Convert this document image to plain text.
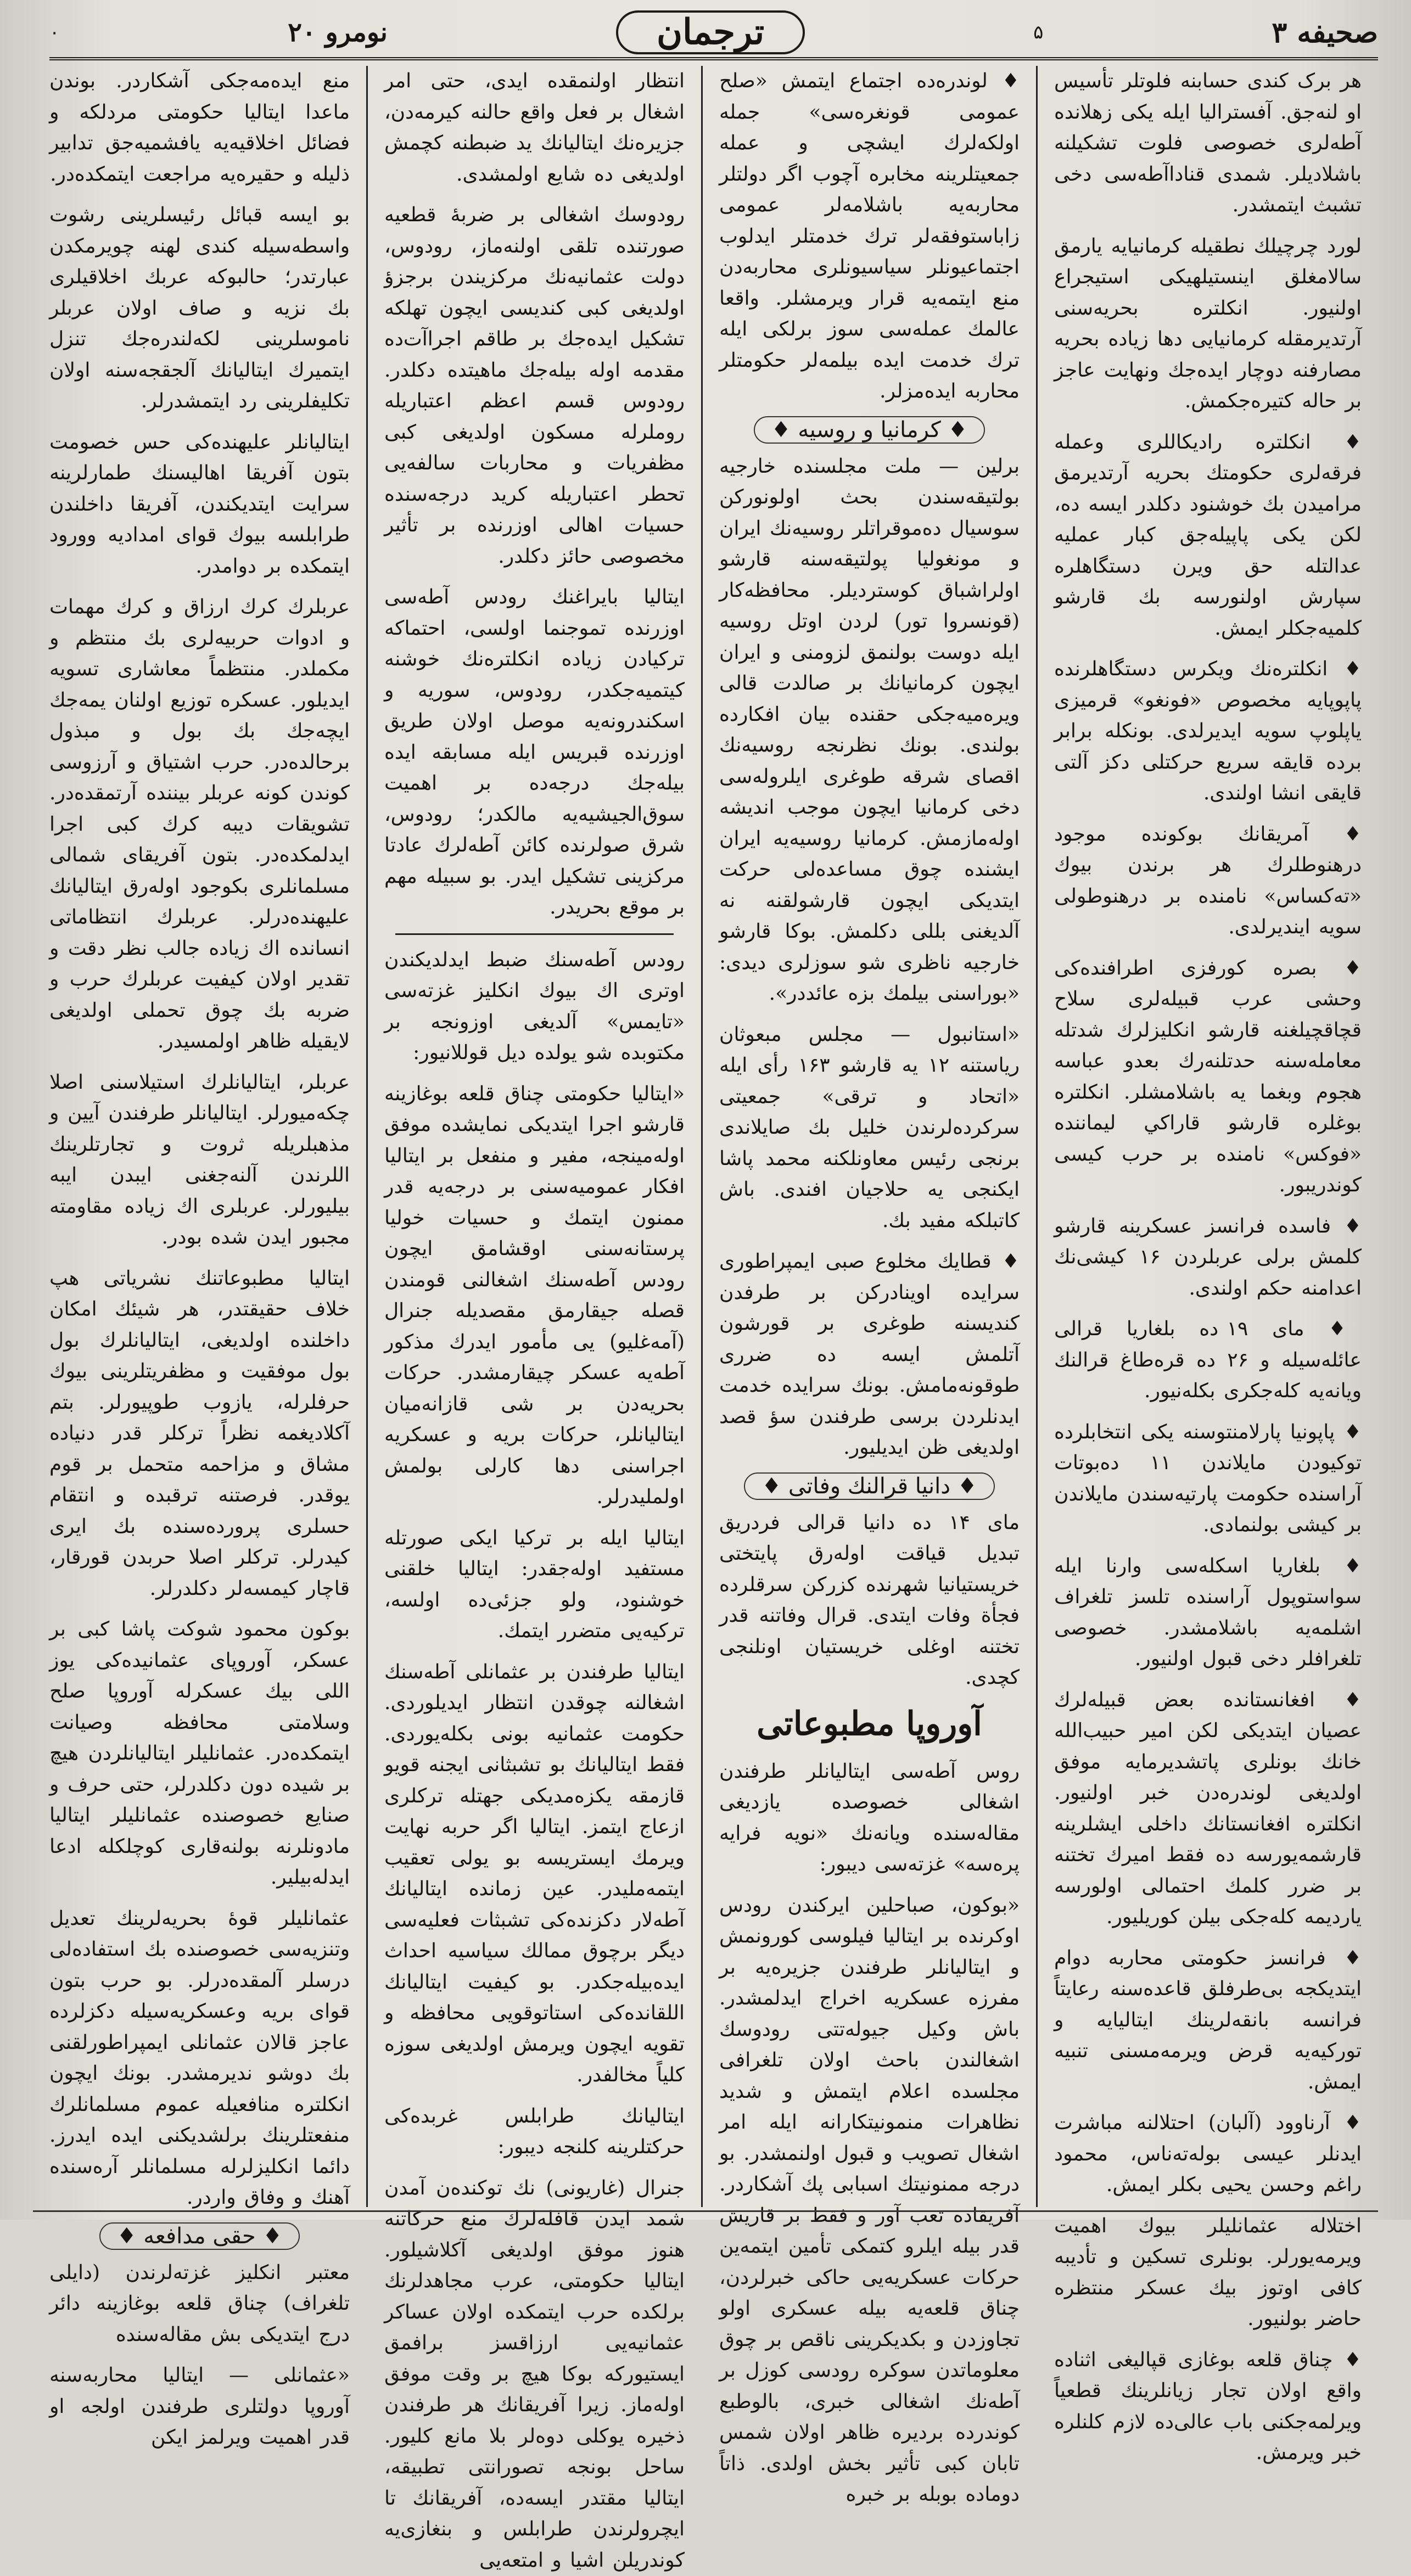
صحیفه ۳
۵
ترجمان
نومرو ۲۰
۰

هر برک کندی حسابنه فلوتلر تأسیس او لنەجق. آفستراليا ايله يكی زهلانده آطەلری خصوصی فلوت تشکيلنه باشلاديلر. شمدی قناداآطەسی دخی تشبث ایتمشدر.

لورد چرچیلك نطقیله كرمانیایه یارمق سالامغلق اینستيلهيكی استیجراع اولنيور. انكلتره بحريەسنی آرتديرمقله كرمانيايی دها زياده بحريه مصارفنه دوچار ايده‌جك ونهايت عاجز بر حاله كتيره‌جكمش.

♦ انكلتره راديكاللری وعمله فرقەلری حكومتك بحريه آرتديرمق مراميدن بك خوشنود دکلدر ایسه ده، لكن يكی پاپيله‌جق كبار عمليه عدالتله حق ويرن دستگاهلره سپارش اولنورسه بك قارشو كلمیه‌جكلر ايمش.

♦ انكلترەنك ويكرس دستگاهلرنده پاپوپایه مخصوص «فونغو» قرميزی یاپلوپ سويه ايديرلدی. بونكله برابر برده قايقه سريع حركتلی دكز آلتی قايقی انشا اولندی.

♦ آمريقانك بوكونده موجود درهنوطلرك هر برندن بيوك «تەكساس» نامنده بر درهنوطولی سويه ايندیرلدی.

♦ بصره كورفزی اطرافنده‌كی وحشی عرب قبيلەلری سلاح قچاقچيلغنه قارشو انكليزلرك شدتله معاملەسنه حدتلنه‌رك بعدو عباسه هجوم وبغما يه باشلامشلر. انكلتره بوغلره قارشو قاراكي ليماننده «فوكس» نامنده بر حرب كيسی كوندريبور.

♦ فاسده فرانسز عسكرينه قارشو كلمش برلی عربلردن ۱۶ كيشی‌نك اعدامنه حكم اولندی.

♦ مای ۱۹ ده بلغاريا قرالی عائلەسيله و ۲۶ ده قره‌طاغ قرالنك ويانه‌يه كله‌جكری بكله‌نيور.

♦ پاپونيا پارلامنتوسنه يكی انتخابلرده توكيودن مايلاندن ۱۱ دەبوتات آراسنده حكومت پارتيەسندن مايلاندن بر كيشی بولنمادی.

♦ بلغاريا اسكله‌سی وارنا ايله سواستوپول آراسنده تلسز تلغراف اشلمه‌يه باشلامشدر. خصوصی تلغرافلر دخی قبول اولنيور.

♦ افغانستانده بعض قبيلەلرك عصيان ايتديكی لكن امير حبيب‌الله خانك بونلری پاتشديرمايه موفق اولديغی لوندرەدن خبر اولنيور. انكلتره افغانستانك داخلی ايشلرينه قارشمه‌يورسه ده فقط اميرك تختنه بر ضرر كلمك احتمالی اولورسه يارديمه كله‌جكی بيلن كوريليور.

♦ فرانسز حكومتی محاربه دوام ايتديكجه بی‌طرفلق قاعده‌سنه رعايتاً فرانسه بانقەلرينك ايتاليايه و توركيه‌يه قرض ويرمه‌مسنی تنبيه ايمش.

♦ آرناوود (آلبان) احتلالنه مباشرت ايدنلر عيسی بولەتەناس، محمود راغم وحسن يحيی بكلر ايمش.

اختلاله عثمانليلر بيوك اهميت ويرمەيورلر. بونلری تسكين و تأديبه كافی اوتوز بيك عسكر منتظره حاضر بولنيور.

♦ چناق قلعه بوغازی قپاليغی اثناده واقع اولان تجار زيانلرينك قطعياً ويرلمەجكنی باب عالی‌ده لازم كلنلره خبر ويرمش.

♦ لوندره‌ده اجتماع ايتمش «صلح عمومی قونغرەسی» جمله اولكەلرك ايشچی و عمله جمعيتلرينه مخابره آچوب اگر دولتلر محاربه‌يه باشلامه‌لر عمومی زاباستوفقه‌لر ترك خدمتلر ايدلوب اجتماعيونلر سياسيونلری محاربەدن منع ايتمه‌يه قرار ويرمشلر. واقعا عالمك عملەسی سوز برلكی ايله ترك خدمت ايده بيلمه‌لر حكومتلر محاربه ايده‌مزلر.

♦ كرمانيا و روسيه ♦

برلين — ملت مجلسنده خارجيه بولتيقەسندن بحث اولونوركن سوسيال دەموقراتلر روسيه‌نك ايران و مونغوليا پولتيقەسنه قارشو اولراشباق كوسترديلر. محافظه‌كار (قونسروا تور) لردن اوتل روسيه ايله دوست بولنمق لزومنی و ايران ايچون كرمانيانك بر صالدت قالی ويرەمیه‌جكی حقنده بيان افكارده بولندی. بونك نظرنجه روسيه‌نك اقصای شرقه طوغری ايلرولەسی دخی كرمانيا ايچون موجب انديشه اولەمازمش. كرمانيا روسيه‌يه ايران ايشنده چوق مساعدەلی حركت ايتديكی ايچون قارشولقنه نه آلديغنی بللی دكلمش. بوكا قارشو خارجيه ناظری شو سوزلری ديدی: «بوراسنی بيلمك بزه عائددر».

«استانبول — مجلس مبعوثان رياستنه ۱۲ يه قارشو ۱۶۳ رأی ايله «اتحاد و ترقی» جمعيتی سركردەلرندن خليل بك صايلاندی برنجی رئيس معاونلكنه محمد پاشا ايكنجی يه حلاجيان افندی. باش كاتبلكه مفيد بك.

♦ قطايك مخلوع صبی ايمپراطوری سرايده اوينادركن بر طرفدن كندیسنه طوغری بر قورشون آتلمش ايسه ده ضرری طوقونەمامش. بونك سرايده خدمت ايدنلردن برسی طرفندن سؤ قصد اولديغی ظن ايديليور.

♦ دانيا قرالنك وفاتی ♦

مای ۱۴ ده دانيا قرالی فردريق تبديل قياقت اولەرق پايتختی خريستيانيا شهرنده كزركن سرقلرده فجأة وفات ايتدی. قرال وفاتنه قدر تختنه اوغلی خريستيان اونلنجی كچدی.

آوروپا مطبوعاتی

روس آطەسی ايتاليانلر طرفندن اشغالی خصوصده يازديغی مقالەسنده ويانەنك «نويه فرايه پرەسه» غزته‌سی ديبور:

«بوكون، صباحلين ايركندن رودس اوكرنده بر ايتاليا فيلوسی كورونمش و ايتاليانلر طرفندن جزيرەيه بر مفرزه عسكريه اخراج ايدلمشدر. باش وكيل جيولەتتی رودوسك اشغالندن باحث اولان تلغرافی مجلسده اعلام ايتمش و شديد نظاهرات منمونيتكارانه ايله امر اشغال تصويب و قبول اولنمشدر. بو درجه ممنونيتك اسبابی پك آشكاردر. آفريقاده تعب آور و فقط بر قاريش قدر بيله ايلرو كتمكی تأمين ايتمەين حركات عسكريه‌يی حاكی خبرلردن، چناق قلعه‌يه بيله عسكری اولو تجاوزدن و بكديكرينی ناقص بر چوق معلوماتدن سوكره رودسی كوزل بر آطەنك اشغالی خبری، بالوطبع كوندرده بردیره ظاهر اولان شمس تابان كبی تأثير بخش اولدی. ذاتاً دوماده بوبله بر خبره

انتظار اولنمقده ايدی، حتی امر اشغال بر فعل واقع حالنه كيرمەدن، جزيرەنك ايتاليانك يد ضبطنه كچمش اولديغی ده شايع اولمشدی.

رودوسك اشغالی بر ضربهٔ قطعيه صورتنده تلقی اولنەماز، رودوس، دولت عثمانيەنك مركزيندن برجزؤ اولديغی كبی كندیسی ايچون تهلكه تشكيل ايده‌جك بر طاقم اجراآت‌ده مقدمه اوله بيله‌جك ماهيتده دكلدر. رودوس قسم اعظم اعتباريله روملرله مسكون اولديغی كبی مظفريات و محاربات سالفه‌يی تحطر اعتباريله كريد درجەسنده حسيات اهالی اوزرنده بر تأثير مخصوصی حائز دكلدر.

ايتاليا بايراغنك رودس آطەسی اوزرنده تموجنما اولسی، احتماكه تركيادن زياده انكلترەنك خوشنه كيتمیه‌جكدر، رودوس، سوريه و اسكندرونه‌يه موصل اولان طريق اوزرنده قبريس ايله مسابقه ايده بيله‌جك درجه‌ده بر اهميت سوق‌الجيشيه‌يه مالكدر؛ رودوس، شرق صولرنده كائن آطەلرك عادتا مركزينی تشكيل ايدر. بو سبيله مهم بر موقع بحريدر.

رودس آطەسنك ضبط ايدلديكندن اوتری اك بيوك انكليز غزته‌سی «تايمس» آلديغی اوزونجه بر مكتوبده شو يولده ديل قوللانيور:

«ايتاليا حكومتی چناق قلعه بوغازينه قارشو اجرا ايتديكی نمايشده موفق اولەمينجه، مفير و منفعل بر ايتاليا افكار عموميەسنی بر درجه‌يه قدر ممنون ايتمك و حسيات خوليا پرستانه‌سنی اوقشامق ايچون رودس آطەسنك اشغالنی قومندن قصله جيقارمق مقصديله جنرال (آمه‌غليو) يی مأمور ايدرك مذكور آطه‌يه عسكر چيقارمشدر. حركات بحريەدن بر شی قازانەميان ايتاليانلر، حركات بريه و عسكريه اجراسنی دها كارلی بولمش اولمليدرلر.

ايتاليا ايله بر تركيا ايكی صورتله مستفيد اولەجقدر: ايتاليا خلقنی خوشنود، ولو جزئی‌ده اولسه، تركيه‌يی متضرر ايتمك.

ايتاليا طرفندن بر عثمانلی آطەسنك اشغالنه چوقدن انتظار ايديلوردی. حكومت عثمانيه بونی بكلەيوردی. فقط ايتاليانك بو تشبثانی ايجنه قويو قازمقه يكزەمديكی جهتله تركلری ازعاج ايتمز. ايتاليا اگر حربه نهايت ويرمك ايستريسه بو يولی تعقيب ايتمه‌ملیدر. عين زمانده ايتاليانك آطەلار دكزنده‌كی تشبثات فعليه‌سی ديگر برچوق ممالك سياسيه احداث ايده‌بيلەجكدر. بو كيفيت ايتاليانك اللقانده‌كی استاتوقويی محافظه و تقويه ايچون ويرمش اولديغی سوزه كلياً مخالفدر.

ايتاليانك طرابلس غربده‌كی حركتلرينه كلنجه ديبور:

جنرال (غاريونی) نك توكنده‌ن آمدن شمد ايدن قافلەلرك منع حركاتنه هنوز موفق اولديغی آكلاشيلور. ايتاليا حكومتی، عرب مجاهدلرنك برلكده حرب ايتمكده اولان عساكر عثمانيه‌يی ارزاقسز برافمق ايستيوركه بوكا هيچ بر وقت موفق اولەماز. زيرا آفريقانك هر طرفندن ذخيره يوكلی دوەلر بلا مانع كليور. ساحل بونجه تصورانتی تطبيقه، ايتاليا مقتدر ايسه‌ده، آفريقانك تا ايچرولرندن طرابلس و بنغازی‌يه كوندريلن اشيا و امتعه‌يی

منع ايده‌مه‌جكی آشكاردر. بوندن ماعدا ايتاليا حكومتی مردلكه و فضائل اخلاقيه‌يه يافشميه‌جق تدابير ذليله و حقيرەيه مراجعت ايتمكده‌در.

بو ايسه قبائل رئيسلرينی رشوت واسطه‌سيله كندی لهنه چويرمكدن عبارتدر؛ حالبوكه عربك اخلاقيلری بك نزيه و صاف اولان عربلر ناموسلرينی لكه‌لندره‌جك تنزل ايتميرك ايتاليانك آلجقجه‌سنه اولان تكليفلرينی رد ايتمشدرلر.

ايتاليانلر عليهنده‌كی حس خصومت بتون آفريقا اهاليسنك طمارلرينه سرايت ايتديكندن، آفريقا داخلندن طرابلسه بيوك قوای امداديه وورود ايتمكده بر دوامدر.

عربلرك كرك ارزاق و كرك مهمات و ادوات حربيەلری بك منتظم و مكملدر. منتظماً معاشاری تسويه ايديلور. عسكره توزيع اولنان يمه‌جك ايچه‌جك بك بول و مبذول برحالده‌در. حرب اشتياق و آرزوسی كوندن كونه عربلر بيننده آرتمقده‌در. تشويقات ديبه كرك كبی اجرا ايدلمكده‌در. بتون آفريقای شمالی مسلمانلری بكوجود اولەرق ايتاليانك عليهنده‌درلر. عربلرك انتظاماتی انسانده اك زياده جالب نظر دقت و تقدير اولان كيفيت عربلرك حرب و ضربه بك چوق تحملی اولديغی لايقيله ظاهر اولمسيدر.

عربلر، ايتاليانلرك استيلاسنی اصلا چكه‌ميورلر. ايتاليانلر طرفندن آيين و مذهبلريله ثروت و تجارتلرينك اللرندن آلنه‌جغنی ايبدن ايبه بيليورلر. عربلری اك زياده مقاومته مجبور ايدن شده بودر.

ايتاليا مطبوعاتنك نشرياتی هپ خلاف حقيقتدر، هر شيئك امكان داخلنده اولديغی، ايتاليانلرك بول بول موفقيت و مظفريتلرينی بيوك حرفلرله، يازوب طوپيورلر. بتم آكلاديغمه نظراً تركلر قدر دنياده مشاق و مزاحمه متحمل بر قوم يوقدر. فرصتنه ترقبده و انتقام حسلری پرورده‌سنده بك ايری كيدرلر. تركلر اصلا حربدن قورقار، قاچار كيمسه‌لر دكلدرلر.

بوكون محمود شوكت پاشا كبی بر عسكر، آوروپای عثمانيده‌كی يوز اللی بيك عسكرله آوروپا صلح وسلامتی محافظه وصيانت ايتمكده‌در. عثمانليلر ايتاليانلردن هيچ بر شيده دون دكلدرلر، حتی حرف و صنايع خصوصنده عثمانليلر ايتاليا مادونلرنه بولنه‌قاری كوچلكله ادعا ايدلەبيلير.

عثمانليلر قوهٔ بحريەلرينك تعديل وتنزيه‌سی خصوصنده بك استفادەلی درسلر آلمقده‌درلر. بو حرب بتون قوای بريه وعسكريه‌سيله دكزلرده عاجز قالان عثمانلی ايمپراطورلقنی بك دوشو نديرمشدر. بونك ايچون انكلتره منافعيله عموم مسلمانلرك منفعتلرينك برلشديكنی ايده ايدرز. دائما انكليزلرله مسلمانلر آره‌سنده آهنك و وفاق واردر.

♦ حقی مدافعه ♦

معتبر انكليز غزته‌لرندن (دايلی تلغراف) چناق قلعه بوغازينه دائر درج ايتديكی بش مقاله‌سنده

«عثمانلی — ايتاليا محاربه‌سنه آوروپا دولتلری طرفندن اولجه او قدر اهميت ويرلمز ايكن
